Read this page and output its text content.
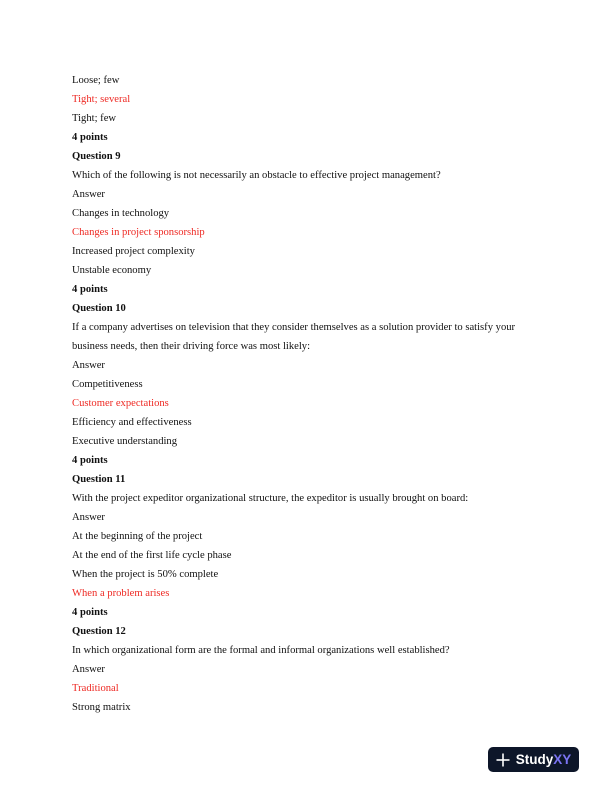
Loose; few
Tight; several
Tight; few
4 points
Question 9
Which of the following is not necessarily an obstacle to effective project management?
Answer
Changes in technology
Changes in project sponsorship
Increased project complexity
Unstable economy
4 points
Question 10
If a company advertises on television that they consider themselves as a solution provider to satisfy your
business needs, then their driving force was most likely:
Answer
Competitiveness
Customer expectations
Efficiency and effectiveness
Executive understanding
4 points
Question 11
With the project expeditor organizational structure, the expeditor is usually brought on board:
Answer
At the beginning of the project
At the end of the first life cycle phase
When the project is 50% complete
When a problem arises
4 points
Question 12
In which organizational form are the formal and informal organizations well established?
Answer
Traditional
Strong matrix
Study XY
